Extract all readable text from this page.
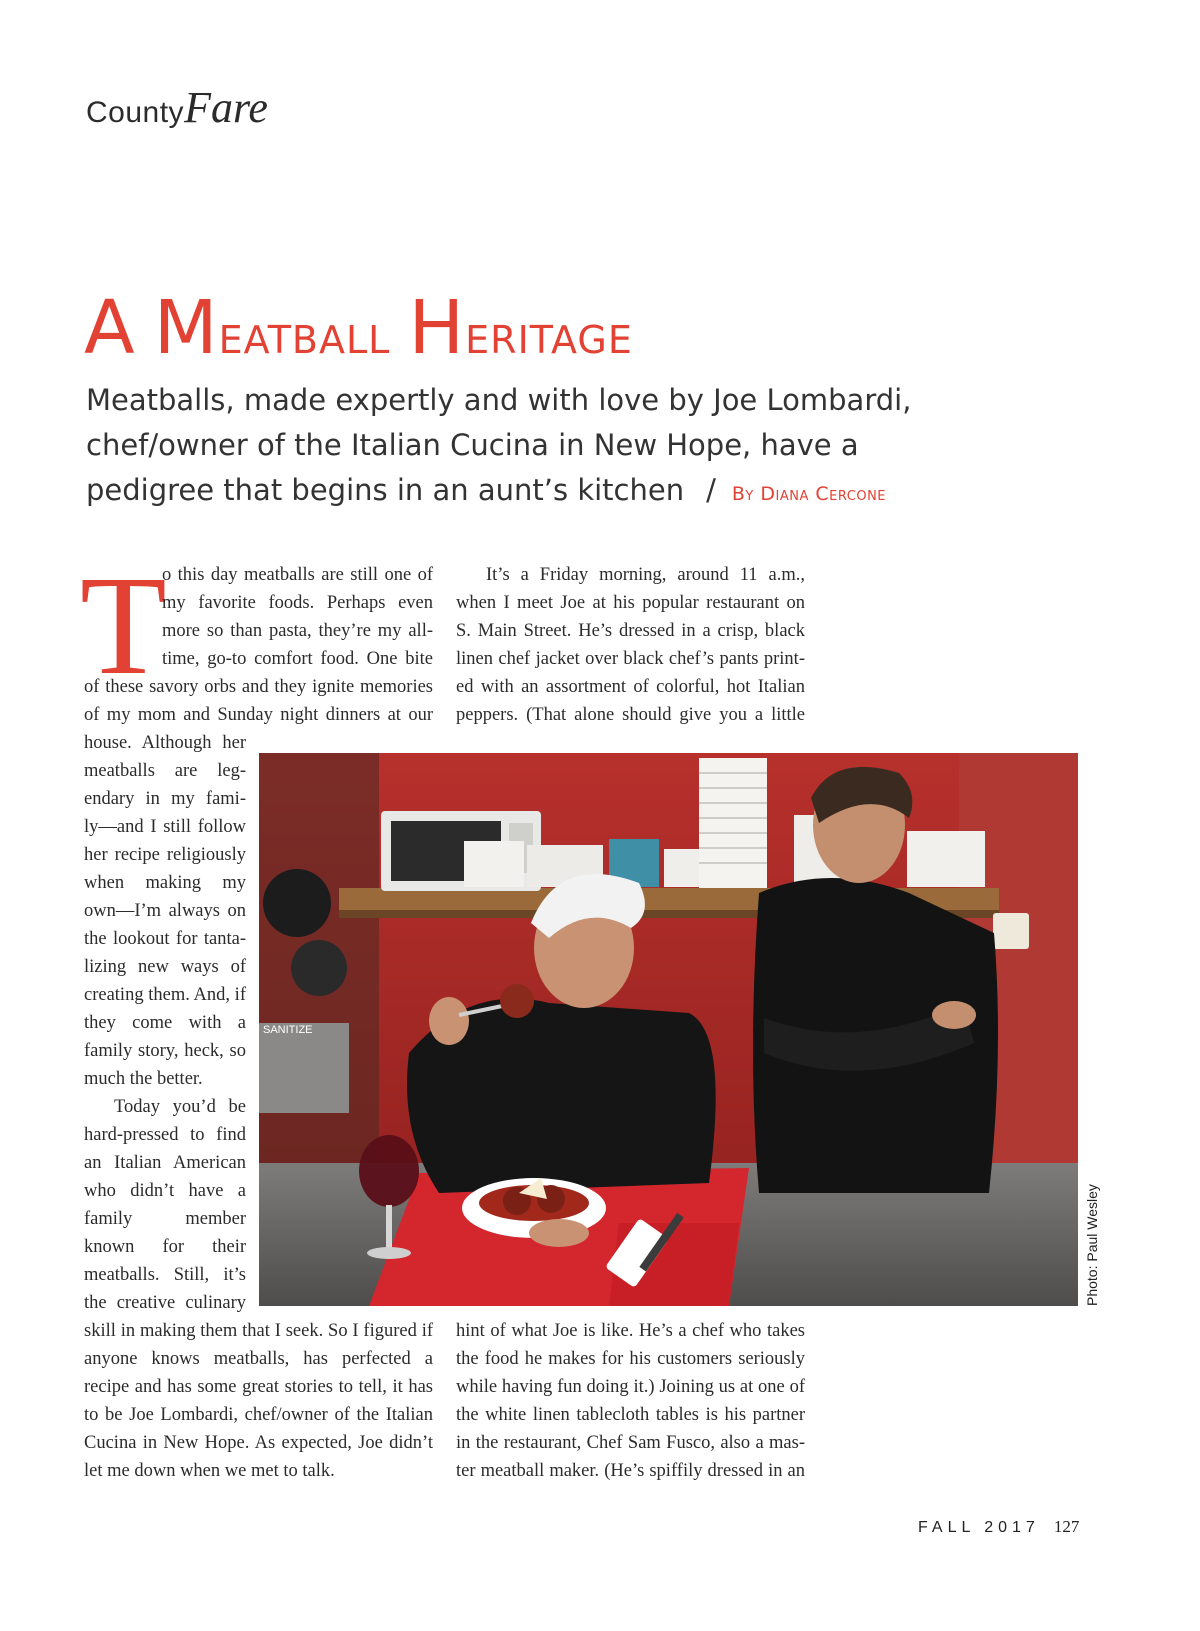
CountyFare
A Meatball Heritage
Meatballs, made expertly and with love by Joe Lombardi, chef/owner of the Italian Cucina in New Hope, have a pedigree that begins in an aunt’s kitchen / By Diana Cercone
T
o this day meatballs are still one of
my favorite foods. Perhaps even
more so than pasta, they’re my all-
time, go-to comfort food. One bite
of these savory orbs and they ignite memories
of my mom and Sunday night dinners at our
house. Although her
meatballs are leg-
endary in my fami-
ly—and I still follow
her recipe religiously
when making my
own—I’m always on
the lookout for tanta-
lizing new ways of
creating them. And, if
they come with a
family story, heck, so
much the better.
Today you’d be
hard-pressed to find
an Italian American
who didn’t have a
family member
known for their
meatballs. Still, it’s
the creative culinary
skill in making them that I seek. So I figured if
anyone knows meatballs, has perfected a
recipe and has some great stories to tell, it has
to be Joe Lombardi, chef/owner of the Italian
Cucina in New Hope. As expected, Joe didn’t
let me down when we met to talk.
It’s a Friday morning, around 11 a.m.,
when I meet Joe at his popular restaurant on
S. Main Street. He’s dressed in a crisp, black
linen chef jacket over black chef’s pants print-
ed with an assortment of colorful, hot Italian
peppers. (That alone should give you a little
hint of what Joe is like. He’s a chef who takes
the food he makes for his customers seriously
while having fun doing it.) Joining us at one of
the white linen tablecloth tables is his partner
in the restaurant, Chef Sam Fusco, also a mas-
ter meatball maker. (He’s spiffily dressed in an
SANITIZE
Photo: Paul Wesley
FALL 2017 127
